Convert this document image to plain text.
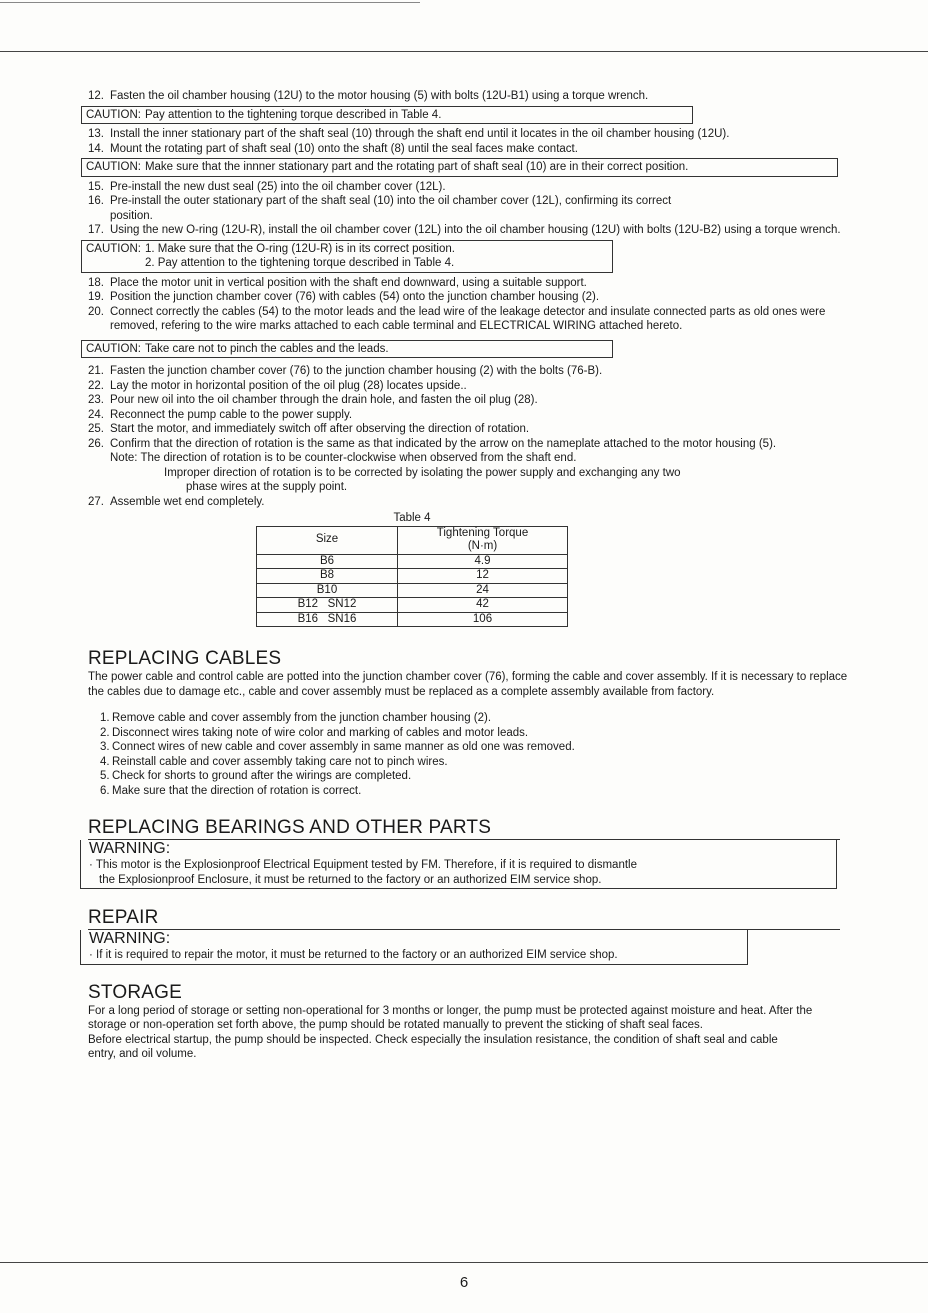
12. Fasten the oil chamber housing (12U) to the motor housing (5) with bolts (12U-B1) using a torque wrench.
CAUTION: Pay attention to the tightening torque described in Table 4.
13. Install the inner stationary part of the shaft seal (10) through the shaft end until it locates in the oil chamber housing (12U).
14. Mount the rotating part of shaft seal (10) onto the shaft (8) until the seal faces make contact.
CAUTION: Make sure that the innner stationary part and the rotating part of shaft seal (10) are in their correct position.
15. Pre-install the new dust seal (25) into the oil chamber cover (12L).
16. Pre-install the outer stationary part of the shaft seal (10) into the oil chamber cover (12L), confirming its correct position.
17. Using the new O-ring (12U-R), install the oil chamber cover (12L) into the oil chamber housing (12U) with bolts (12U-B2) using a torque wrench.
CAUTION: 1. Make sure that the O-ring (12U-R) is in its correct position.
2. Pay attention to the tightening torque described in Table 4.
18. Place the motor unit in vertical position with the shaft end downward, using a suitable support.
19. Position the junction chamber cover (76) with cables (54) onto the junction chamber housing (2).
20. Connect correctly the cables (54) to the motor leads and the lead wire of the leakage detector and insulate connected parts as old ones were removed, refering to the wire marks attached to each cable terminal and ELECTRICAL WIRING attached hereto.
CAUTION: Take care not to pinch the cables and the leads.
21. Fasten the junction chamber cover (76) to the junction chamber housing (2) with the bolts (76-B).
22. Lay the motor in horizontal position of the oil plug (28) locates upside..
23. Pour new oil into the oil chamber through the drain hole, and fasten the oil plug (28).
24. Reconnect the pump cable to the power supply.
25. Start the motor, and immediately switch off after observing the direction of rotation.
26. Confirm that the direction of rotation is the same as that indicated by the arrow on the nameplate attached to the motor housing (5).
Note: The direction of rotation is to be counter-clockwise when observed from the shaft end.
Improper direction of rotation is to be corrected by isolating the power supply and exchanging any two
phase wires at the supply point.
27. Assemble wet end completely.
Table 4
Size	Tightening Torque
(N·m)

B6	4.9
B8	12
B10	24
B12   SN12	42
B16   SN16	106
REPLACING CABLES

The power cable and control cable are potted into the junction chamber cover (76), forming the cable and cover assembly. If it is necessary to replace the cables due to damage etc., cable and cover assembly must be replaced as a complete assembly available from factory.

1. Remove cable and cover assembly from the junction chamber housing (2).
2. Disconnect wires taking note of wire color and marking of cables and motor leads.
3. Connect wires of new cable and cover assembly in same manner as old one was removed.
4. Reinstall cable and cover assembly taking care not to pinch wires.
5. Check for shorts to ground after the wirings are completed.
6. Make sure that the direction of rotation is correct.
REPLACING BEARINGS AND OTHER PARTS
WARNING:
· This motor is the Explosionproof Electrical Equipment tested by FM. Therefore, if it is required to dismantle
the Explosionproof Enclosure, it must be returned to the factory or an authorized EIM service shop.
REPAIR
WARNING:
· If it is required to repair the motor, it must be returned to the factory or an authorized EIM service shop.
STORAGE

For a long period of storage or setting non-operational for 3 months or longer, the pump must be protected against moisture and heat. After the storage or non-operation set forth above, the pump should be rotated manually to prevent the sticking of shaft seal faces.

Before electrical startup, the pump should be inspected. Check especially the insulation resistance, the condition of shaft seal and cable entry, and oil volume.

6
